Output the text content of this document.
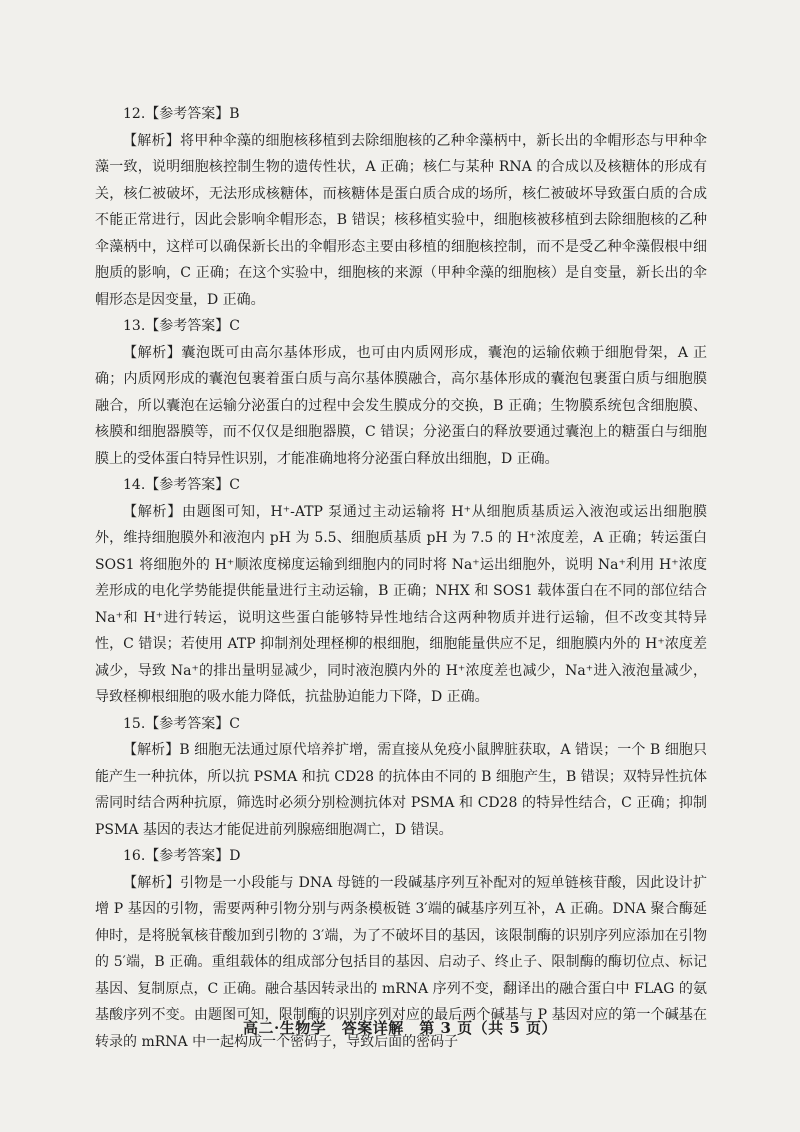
12.【参考答案】B
【解析】将甲种伞藻的细胞核移植到去除细胞核的乙种伞藻柄中，新长出的伞帽形态与甲种伞藻一致，说明细胞核控制生物的遗传性状，A 正确；核仁与某种 RNA 的合成以及核糖体的形成有关，核仁被破坏，无法形成核糖体，而核糖体是蛋白质合成的场所，核仁被破坏导致蛋白质的合成不能正常进行，因此会影响伞帽形态，B 错误；核移植实验中，细胞核被移植到去除细胞核的乙种伞藻柄中，这样可以确保新长出的伞帽形态主要由移植的细胞核控制，而不是受乙种伞藻假根中细胞质的影响，C 正确；在这个实验中，细胞核的来源（甲种伞藻的细胞核）是自变量，新长出的伞帽形态是因变量，D 正确。
13.【参考答案】C
【解析】囊泡既可由高尔基体形成，也可由内质网形成，囊泡的运输依赖于细胞骨架，A 正确；内质网形成的囊泡包裹着蛋白质与高尔基体膜融合，高尔基体形成的囊泡包裹蛋白质与细胞膜融合，所以囊泡在运输分泌蛋白的过程中会发生膜成分的交换，B 正确；生物膜系统包含细胞膜、核膜和细胞器膜等，而不仅仅是细胞器膜，C 错误；分泌蛋白的释放要通过囊泡上的糖蛋白与细胞膜上的受体蛋白特异性识别，才能准确地将分泌蛋白释放出细胞，D 正确。
14.【参考答案】C
【解析】由题图可知，H⁺-ATP 泵通过主动运输将 H⁺从细胞质基质运入液泡或运出细胞膜外，维持细胞膜外和液泡内 pH 为 5.5、细胞质基质 pH 为 7.5 的 H⁺浓度差，A 正确；转运蛋白 SOS1 将细胞外的 H⁺顺浓度梯度运输到细胞内的同时将 Na⁺运出细胞外，说明 Na⁺利用 H⁺浓度差形成的电化学势能提供能量进行主动运输，B 正确；NHX 和 SOS1 载体蛋白在不同的部位结合 Na⁺和 H⁺进行转运，说明这些蛋白能够特异性地结合这两种物质并进行运输，但不改变其特异性，C 错误；若使用 ATP 抑制剂处理柽柳的根细胞，细胞能量供应不足，细胞膜内外的 H⁺浓度差减少，导致 Na⁺的排出量明显减少，同时液泡膜内外的 H⁺浓度差也减少，Na⁺进入液泡量减少，导致柽柳根细胞的吸水能力降低，抗盐胁迫能力下降，D 正确。
15.【参考答案】C
【解析】B 细胞无法通过原代培养扩增，需直接从免疫小鼠脾脏获取，A 错误；一个 B 细胞只能产生一种抗体，所以抗 PSMA 和抗 CD28 的抗体由不同的 B 细胞产生，B 错误；双特异性抗体需同时结合两种抗原，筛选时必须分别检测抗体对 PSMA 和 CD28 的特异性结合，C 正确；抑制 PSMA 基因的表达才能促进前列腺癌细胞凋亡，D 错误。
16.【参考答案】D
【解析】引物是一小段能与 DNA 母链的一段碱基序列互补配对的短单链核苷酸，因此设计扩增 P 基因的引物，需要两种引物分别与两条模板链 3′端的碱基序列互补，A 正确。DNA 聚合酶延伸时，是将脱氧核苷酸加到引物的 3′端，为了不破坏目的基因，该限制酶的识别序列应添加在引物的 5′端，B 正确。重组载体的组成部分包括目的基因、启动子、终止子、限制酶的酶切位点、标记基因、复制原点，C 正确。融合基因转录出的 mRNA 序列不变，翻译出的融合蛋白中 FLAG 的氨基酸序列不变。由题图可知，限制酶的识别序列对应的最后两个碱基与 P 基因对应的第一个碱基在转录的 mRNA 中一起构成一个密码子，导致后面的密码子
高二·生物学　答案详解　第 3 页（共 5 页）
